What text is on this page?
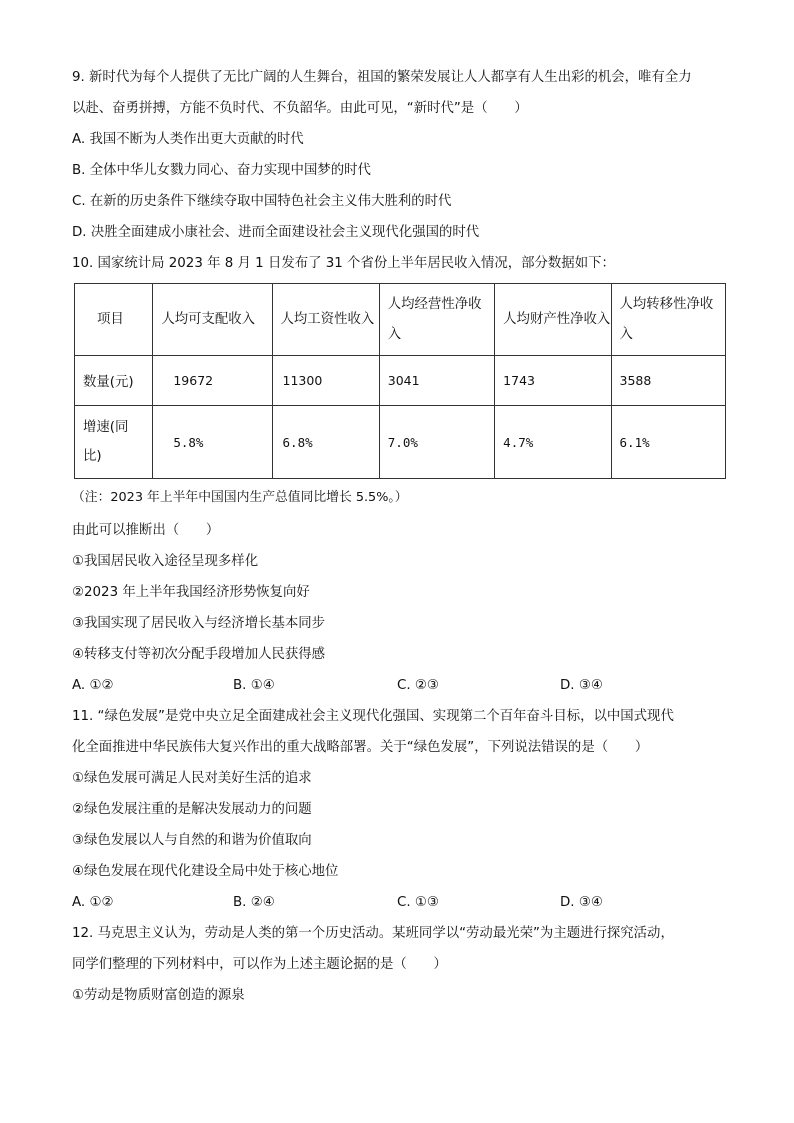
9. 新时代为每个人提供了无比广阔的人生舞台，祖国的繁荣发展让人人都享有人生出彩的机会，唯有全力
以赴、奋勇拼搏，方能不负时代、不负韶华。由此可见，“新时代”是（　　）
A. 我国不断为人类作出更大贡献的时代
B. 全体中华儿女戮力同心、奋力实现中国梦的时代
C. 在新的历史条件下继续夺取中国特色社会主义伟大胜利的时代
D. 决胜全面建成小康社会、进而全面建设社会主义现代化强国的时代
10. 国家统计局 2023 年 8 月 1 日发布了 31 个省份上半年居民收入情况，部分数据如下：
项目	人均可支配收入	人均工资性收入	人均经营性净收入	人均财产性净收入	人均转移性净收入

数量(元)	19672	11300	3041	1743	3588

增速(同比)	5.8%	6.8%	7.0%	4.7%	6.1%
（注：2023 年上半年中国国内生产总值同比增长 5.5%。）
由此可以推断出（　　）
①我国居民收入途径呈现多样化
②2023 年上半年我国经济形势恢复向好
③我国实现了居民收入与经济增长基本同步
④转移支付等初次分配手段增加人民获得感
A. ①②	B. ①④	C. ②③	D. ③④
11. “绿色发展”是党中央立足全面建成社会主义现代化强国、实现第二个百年奋斗目标，以中国式现代
化全面推进中华民族伟大复兴作出的重大战略部署。关于“绿色发展”，下列说法错误的是（　　）
①绿色发展可满足人民对美好生活的追求
②绿色发展注重的是解决发展动力的问题
③绿色发展以人与自然的和谐为价值取向
④绿色发展在现代化建设全局中处于核心地位
A. ①②	B. ②④	C. ①③	D. ③④
12. 马克思主义认为，劳动是人类的第一个历史活动。某班同学以“劳动最光荣”为主题进行探究活动，
同学们整理的下列材料中，可以作为上述主题论据的是（　　）
①劳动是物质财富创造的源泉
